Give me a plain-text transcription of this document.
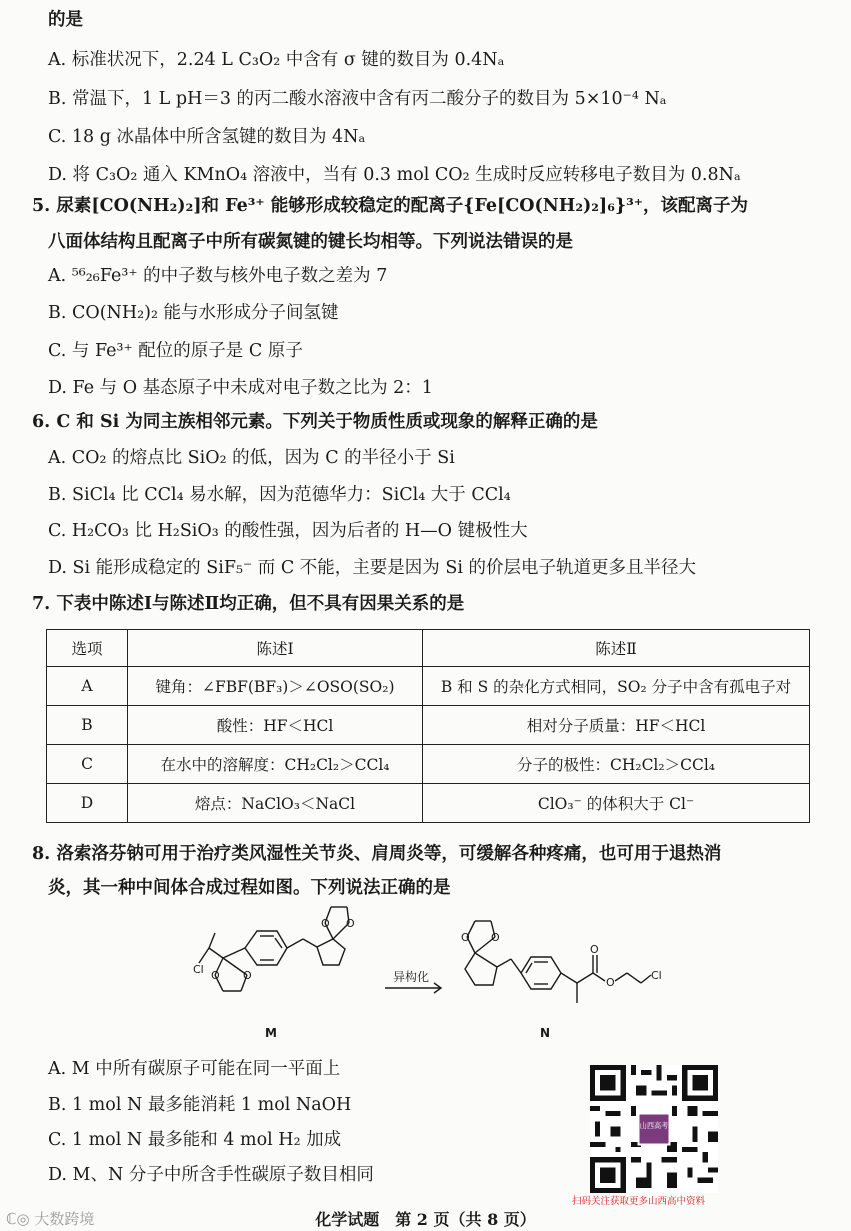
的是
A. 标准状况下，2.24 L C₃O₂ 中含有 σ 键的数目为 0.4Nₐ
B. 常温下，1 L pH＝3 的丙二酸水溶液中含有丙二酸分子的数目为 5×10⁻⁴ Nₐ
C. 18 g 冰晶体中所含氢键的数目为 4Nₐ
D. 将 C₃O₂ 通入 KMnO₄ 溶液中，当有 0.3 mol CO₂ 生成时反应转移电子数目为 0.8Nₐ
5. 尿素[CO(NH₂)₂]和 Fe³⁺ 能够形成较稳定的配离子{Fe[CO(NH₂)₂]₆}³⁺，该配离子为
八面体结构且配离子中所有碳氮键的键长均相等。下列说法错误的是
A. ⁵⁶₂₆Fe³⁺ 的中子数与核外电子数之差为 7
B. CO(NH₂)₂ 能与水形成分子间氢键
C. 与 Fe³⁺ 配位的原子是 C 原子
D. Fe 与 O 基态原子中未成对电子数之比为 2：1
6. C 和 Si 为同主族相邻元素。下列关于物质性质或现象的解释正确的是
A. CO₂ 的熔点比 SiO₂ 的低，因为 C 的半径小于 Si
B. SiCl₄ 比 CCl₄ 易水解，因为范德华力：SiCl₄ 大于 CCl₄
C. H₂CO₃ 比 H₂SiO₃ 的酸性强，因为后者的 H—O 键极性大
D. Si 能形成稳定的 SiF₅⁻ 而 C 不能，主要是因为 Si 的价层电子轨道更多且半径大
7. 下表中陈述Ⅰ与陈述Ⅱ均正确，但不具有因果关系的是
8. 洛索洛芬钠可用于治疗类风湿性关节炎、肩周炎等，可缓解各种疼痛，也可用于退热消
炎，其一种中间体合成过程如图。下列说法正确的是
A. M 中所有碳原子可能在同一平面上
B. 1 mol N 最多能消耗 1 mol NaOH
C. 1 mol N 最多能和 4 mol H₂ 加成
D. M、N 分子中所含手性碳原子数目相同
选项	陈述Ⅰ	陈述Ⅱ
A	键角：∠FBF(BF₃)＞∠OSO(SO₂)	B 和 S 的杂化方式相同，SO₂ 分子中含有孤电子对
B	酸性：HF＜HCl	相对分子质量：HF＜HCl
C	在水中的溶解度：CH₂Cl₂＞CCl₄	分子的极性：CH₂Cl₂＞CCl₄
D	熔点：NaClO₃＜NaCl	ClO₃⁻ 的体积大于 Cl⁻
Cl O O
O O
M
异构化
O O
O
O
Cl
N
山西高考
扫码关注获取更多山西高中资料
ℂ◎ 大数跨境	化学试题　第 2 页（共 8 页）
